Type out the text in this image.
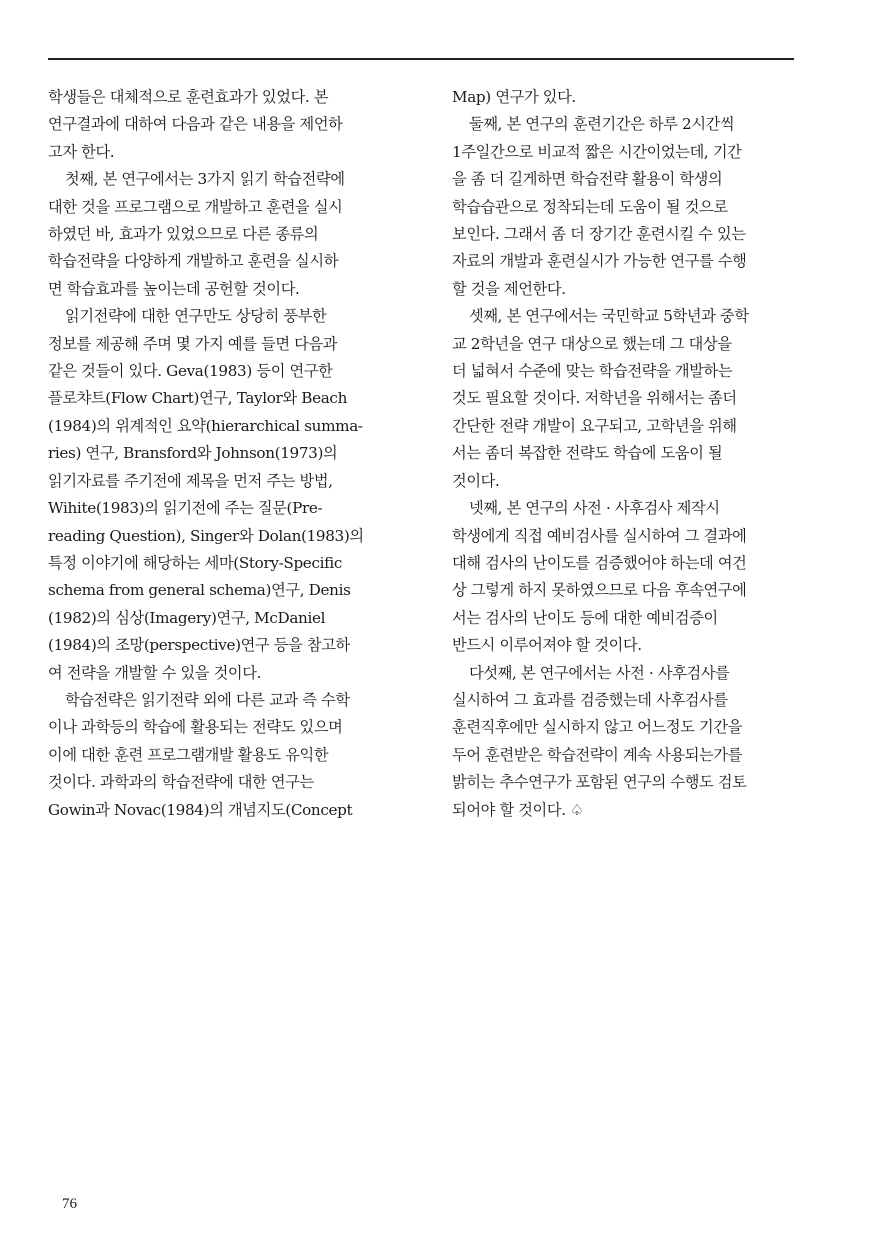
학생들은 대체적으로 훈련효과가 있었다. 본
연구결과에 대하여 다음과 같은 내용을 제언하
고자 한다.

첫째, 본 연구에서는 3가지 읽기 학습전략에
대한 것을 프로그램으로 개발하고 훈련을 실시
하였던 바, 효과가 있었으므로 다른 종류의
학습전략을 다양하게 개발하고 훈련을 실시하
면 학습효과를 높이는데 공헌할 것이다.

읽기전략에 대한 연구만도 상당히 풍부한
정보를 제공해 주며 몇 가지 예를 들면 다음과
같은 것들이 있다. Geva(1983) 등이 연구한
플로챠트(Flow Chart)연구, Taylor와 Beach
(1984)의 위계적인 요약(hierarchical summa-
ries) 연구, Bransford와 Johnson(1973)의
읽기자료를 주기전에 제목을 먼저 주는 방법,
Wihite(1983)의 읽기전에 주는 질문(Pre-
reading Question), Singer와 Dolan(1983)의
특정 이야기에 해당하는 세마(Story-Specific
schema from general schema)연구, Denis
(1982)의 심상(Imagery)연구, McDaniel
(1984)의 조망(perspective)연구 등을 참고하
여 전략을 개발할 수 있을 것이다.

학습전략은 읽기전략 외에 다른 교과 즉 수학
이나 과학등의 학습에 활용되는 전략도 있으며
이에 대한 훈련 프로그램개발 활용도 유익한
것이다. 과학과의 학습전략에 대한 연구는
Gowin과 Novac(1984)의 개념지도(Concept

Map) 연구가 있다.

둘째, 본 연구의 훈련기간은 하루 2시간씩
1주일간으로 비교적 짧은 시간이었는데, 기간
을 좀 더 길게하면 학습전략 활용이 학생의
학습습관으로 정착되는데 도움이 될 것으로
보인다. 그래서 좀 더 장기간 훈련시킬 수 있는
자료의 개발과 훈련실시가 가능한 연구를 수행
할 것을 제언한다.

셋째, 본 연구에서는 국민학교 5학년과 중학
교 2학년을 연구 대상으로 했는데 그 대상을
더 넓혀서 수준에 맞는 학습전략을 개발하는
것도 필요할 것이다. 저학년을 위해서는 좀더
간단한 전략 개발이 요구되고, 고학년을 위해
서는 좀더 복잡한 전략도 학습에 도움이 될
것이다.

넷째, 본 연구의 사전 · 사후검사 제작시
학생에게 직접 예비검사를 실시하여 그 결과에
대해 검사의 난이도를 검증했어야 하는데 여건
상 그렇게 하지 못하였으므로 다음 후속연구에
서는 검사의 난이도 등에 대한 예비검증이
반드시 이루어져야 할 것이다.

다섯째, 본 연구에서는 사전 · 사후검사를
실시하여 그 효과를 검증했는데 사후검사를
훈련직후에만 실시하지 않고 어느정도 기간을
두어 훈련받은 학습전략이 계속 사용되는가를
밝히는 추수연구가 포함된 연구의 수행도 검토
되어야 할 것이다. ♤

76
